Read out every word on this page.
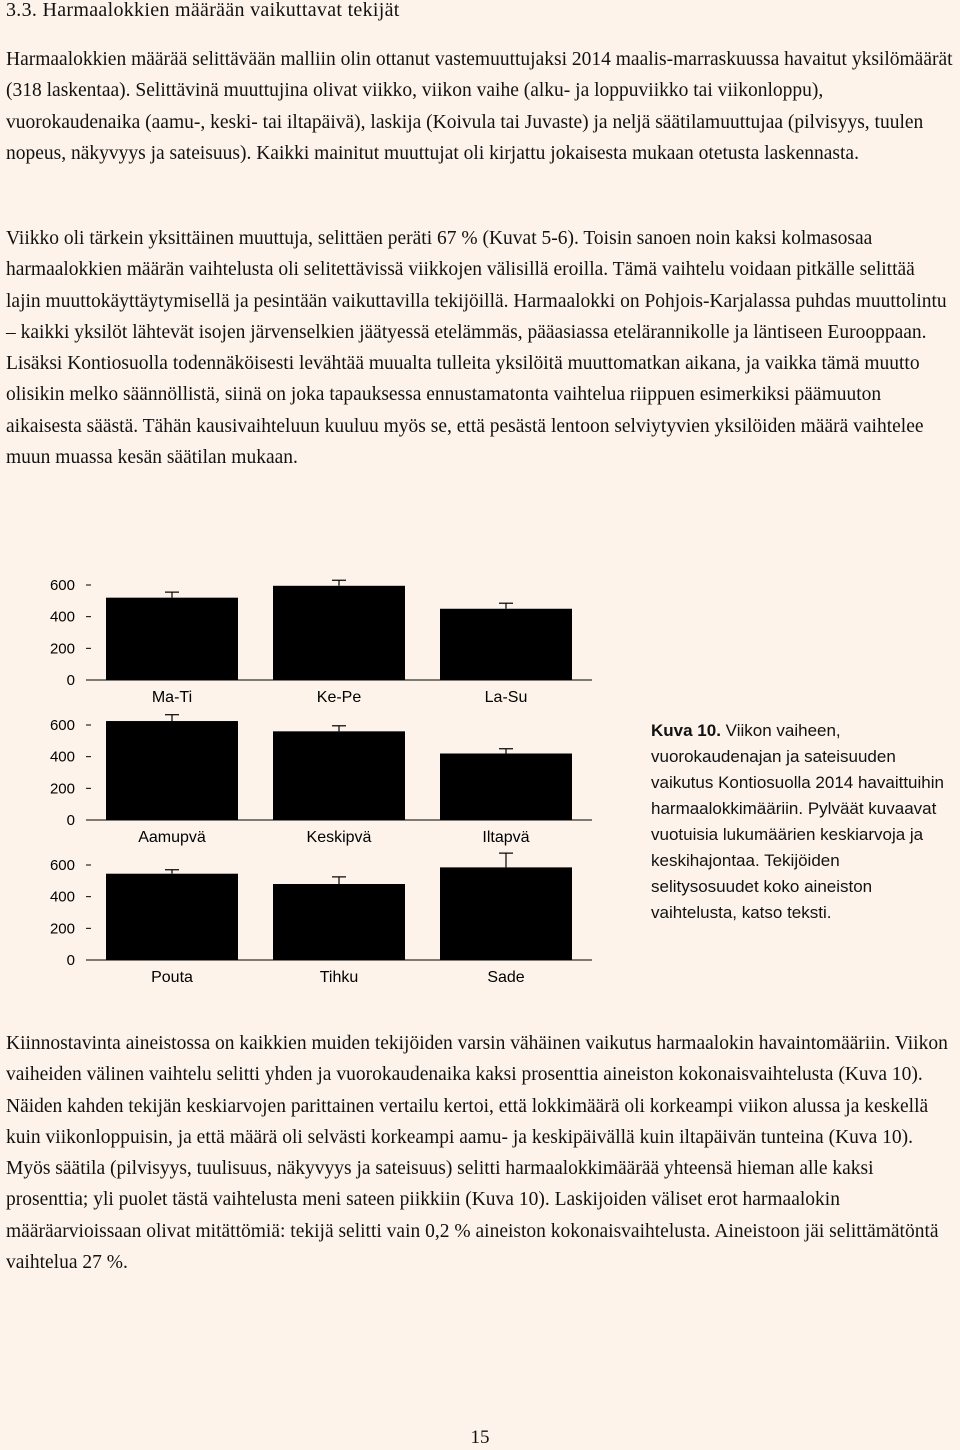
3.3. Harmaalokkien määrään vaikuttavat tekijät

Harmaalokkien määrää selittävään malliin olin ottanut vastemuuttujaksi 2014 maalis-marraskuussa havaitut yksilömäärät (318 laskentaa). Selittävinä muuttujina olivat viikko, viikon vaihe (alku- ja loppuviikko tai viikonloppu), vuorokaudenaika (aamu-, keski- tai iltapäivä), laskija (Koivula tai Juvaste) ja neljä säätilamuuttujaa (pilvisyys, tuulen nopeus, näkyvyys ja sateisuus). Kaikki mainitut muuttujat oli kirjattu jokaisesta mukaan otetusta laskennasta.

Viikko oli tärkein yksittäinen muuttuja, selittäen peräti 67 % (Kuvat 5-6). Toisin sanoen noin kaksi kolmasosaa harmaalokkien määrän vaihtelusta oli selitettävissä viikkojen välisillä eroilla. Tämä vaihtelu voidaan pitkälle selittää lajin muuttokäyttäytymisellä ja pesintään vaikuttavilla tekijöillä. Harmaalokki on Pohjois-Karjalassa puhdas muuttolintu – kaikki yksilöt lähtevät isojen järvenselkien jäätyessä etelämmäs, pääasiassa etelärannikolle ja läntiseen Eurooppaan. Lisäksi Kontiosuolla todennäköisesti levähtää muualta tulleita yksilöitä muuttomatkan aikana, ja vaikka tämä muutto olisikin melko säännöllistä, siinä on joka tapauksessa ennustamatonta vaihtelua riippuen esimerkiksi päämuuton aikaisesta säästä. Tähän kausivaihteluun kuuluu myös se, että pesästä lentoon selviytyvien yksilöiden määrä vaihtelee muun muassa kesän säätilan mukaan.

600
400
200
0
Ma-Ti	Ke-Pe	La-Su
600
400
200
0
Aamupvä	Keskipvä	Iltapvä
600
400
200
0
Pouta	Tihku	Sade
Kuva 10. Viikon vaiheen, vuorokaudenajan ja sateisuuden vaikutus Kontiosuolla 2014 havaittuihin harmaalokkimääriin. Pylväät kuvaavat vuotuisia lukumäärien keskiarvoja ja keskihajontaa. Tekijöiden selitysosuudet koko aineiston vaihtelusta, katso teksti.

Kiinnostavinta aineistossa on kaikkien muiden tekijöiden varsin vähäinen vaikutus harmaalokin havaintomääriin. Viikon vaiheiden välinen vaihtelu selitti yhden ja vuorokaudenaika kaksi prosenttia aineiston kokonaisvaihtelusta (Kuva 10). Näiden kahden tekijän keskiarvojen parittainen vertailu kertoi, että lokkimäärä oli korkeampi viikon alussa ja keskellä kuin viikonloppuisin, ja että määrä oli selvästi korkeampi aamu- ja keskipäivällä kuin iltapäivän tunteina (Kuva 10). Myös säätila (pilvisyys, tuulisuus, näkyvyys ja sateisuus) selitti harmaalokkimäärää yhteensä hieman alle kaksi prosenttia; yli puolet tästä vaihtelusta meni sateen piikkiin (Kuva 10). Laskijoiden väliset erot harmaalokin määräarvioissaan olivat mitättömiä: tekijä selitti vain 0,2 % aineiston kokonaisvaihtelusta. Aineistoon jäi selittämätöntä vaihtelua 27 %.

15
